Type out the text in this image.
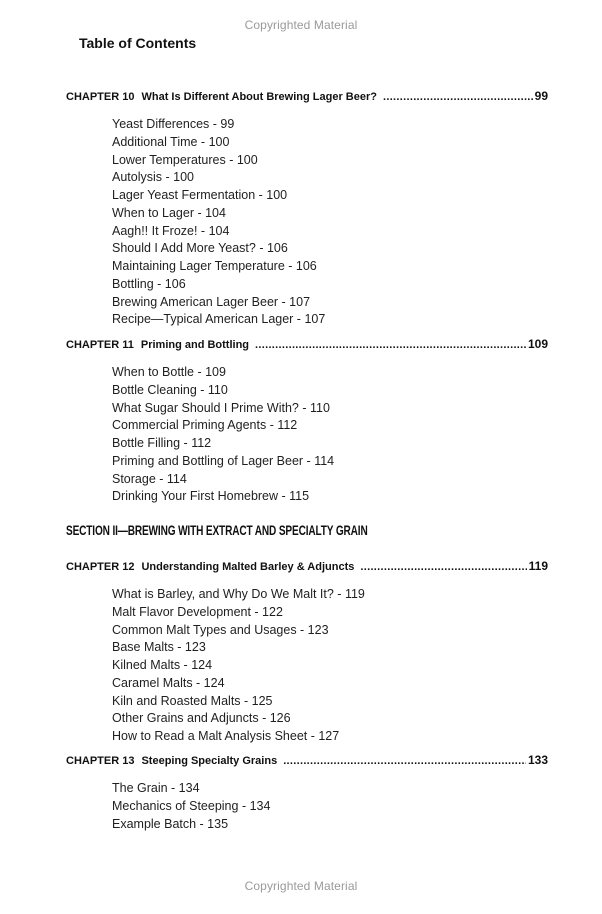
Copyrighted Material
Table of Contents
CHAPTER 10 What Is Different About Brewing Lager Beer? .....	99
Yeast Differences - 99
Additional Time - 100
Lower Temperatures - 100
Autolysis - 100
Lager Yeast Fermentation - 100
When to Lager - 104
Aagh!! It Froze! - 104
Should I Add More Yeast? - 106
Maintaining Lager Temperature - 106
Bottling - 106
Brewing American Lager Beer - 107
Recipe—Typical American Lager - 107
CHAPTER 11 Priming and Bottling .....	109
When to Bottle - 109
Bottle Cleaning - 110
What Sugar Should I Prime With? - 110
Commercial Priming Agents - 112
Bottle Filling - 112
Priming and Bottling of Lager Beer - 114
Storage - 114
Drinking Your First Homebrew - 115
SECTION II—BREWING WITH EXTRACT AND SPECIALTY GRAIN
CHAPTER 12 Understanding Malted Barley & Adjuncts .....	119
What is Barley, and Why Do We Malt It? - 119
Malt Flavor Development - 122
Common Malt Types and Usages - 123
Base Malts - 123
Kilned Malts - 124
Caramel Malts - 124
Kiln and Roasted Malts - 125
Other Grains and Adjuncts - 126
How to Read a Malt Analysis Sheet - 127
CHAPTER 13 Steeping Specialty Grains .....	133
The Grain - 134
Mechanics of Steeping - 134
Example Batch - 135
Copyrighted Material
